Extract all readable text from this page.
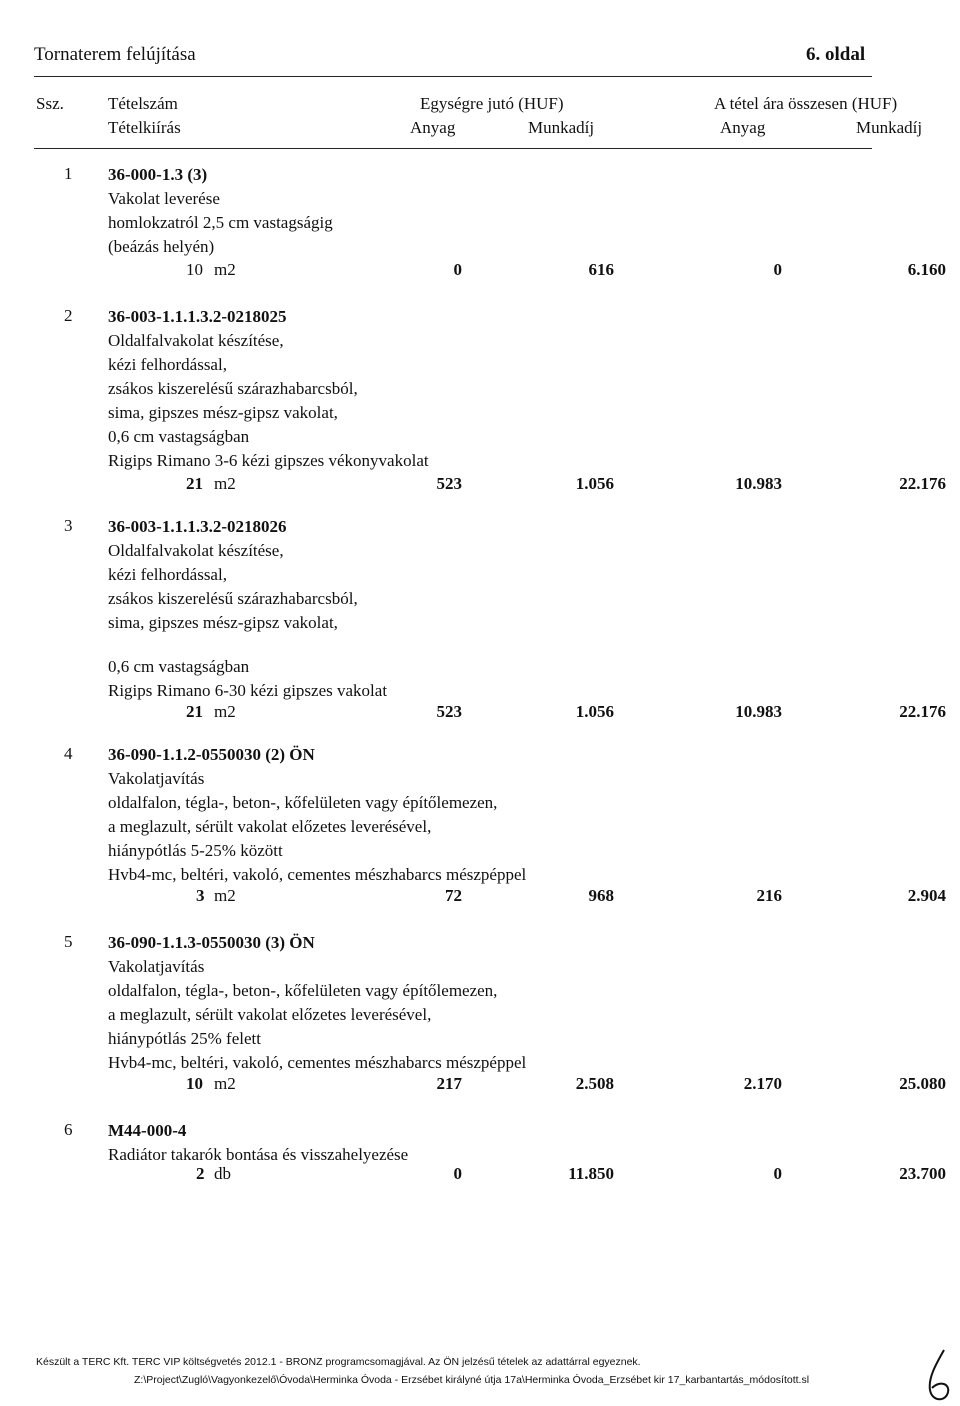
Tornaterem felújítása	6. oldal
Ssz.	Tételszám
Tételkiírás
Egységre jutó (HUF)	A tétel ára összesen (HUF)
Anyag	Munkadíj	Anyag	Munkadíj
1 36-000-1.3 (3)
Vakolat leverése
homlokzatról 2,5 cm vastagságig
(beázás helyén)
10 m2	0	616	0	6.160
2 36-003-1.1.1.3.2-0218025
Oldalfalvakolat készítése,
kézi felhordással,
zsákos kiszerelésű szárazhabarcsból,
sima, gipszes mész-gipsz vakolat,
0,6 cm vastagságban
Rigips Rimano 3-6 kézi gipszes vékonyvakolat
21 m2	523	1.056	10.983	22.176
3 36-003-1.1.1.3.2-0218026
Oldalfalvakolat készítése,
kézi felhordással,
zsákos kiszerelésű szárazhabarcsból,
sima, gipszes mész-gipsz vakolat,
0,6 cm vastagságban
Rigips Rimano 6-30 kézi gipszes vakolat
21 m2	523	1.056	10.983	22.176
4 36-090-1.1.2-0550030 (2) ÖN
Vakolatjavítás
oldalfalon, tégla-, beton-, kőfelületen vagy építőlemezen,
a meglazult, sérült vakolat előzetes leverésével,
hiánypótlás 5-25% között
Hvb4-mc, beltéri, vakoló, cementes mészhabarcs mészpéppel
3 m2	72	968	216	2.904
5 36-090-1.1.3-0550030 (3) ÖN
Vakolatjavítás
oldalfalon, tégla-, beton-, kőfelületen vagy építőlemezen,
a meglazult, sérült vakolat előzetes leverésével,
hiánypótlás 25% felett
Hvb4-mc, beltéri, vakoló, cementes mészhabarcs mészpéppel
10 m2	217	2.508	2.170	25.080
6 M44-000-4
Radiátor takarók bontása és visszahelyezése
2 db	0	11.850	0	23.700
Készült a TERC Kft. TERC VIP költségvetés 2012.1 - BRONZ programcsomagjával. Az ÖN jelzésű tételek az adattárral egyeznek.
Z:\Project\Zugló\Vagyonkezelő\Óvoda\Herminka Óvoda - Erzsébet királyné útja 17a\Herminka Óvoda_Erzsébet kir 17_karbantartás_módosított.sl
